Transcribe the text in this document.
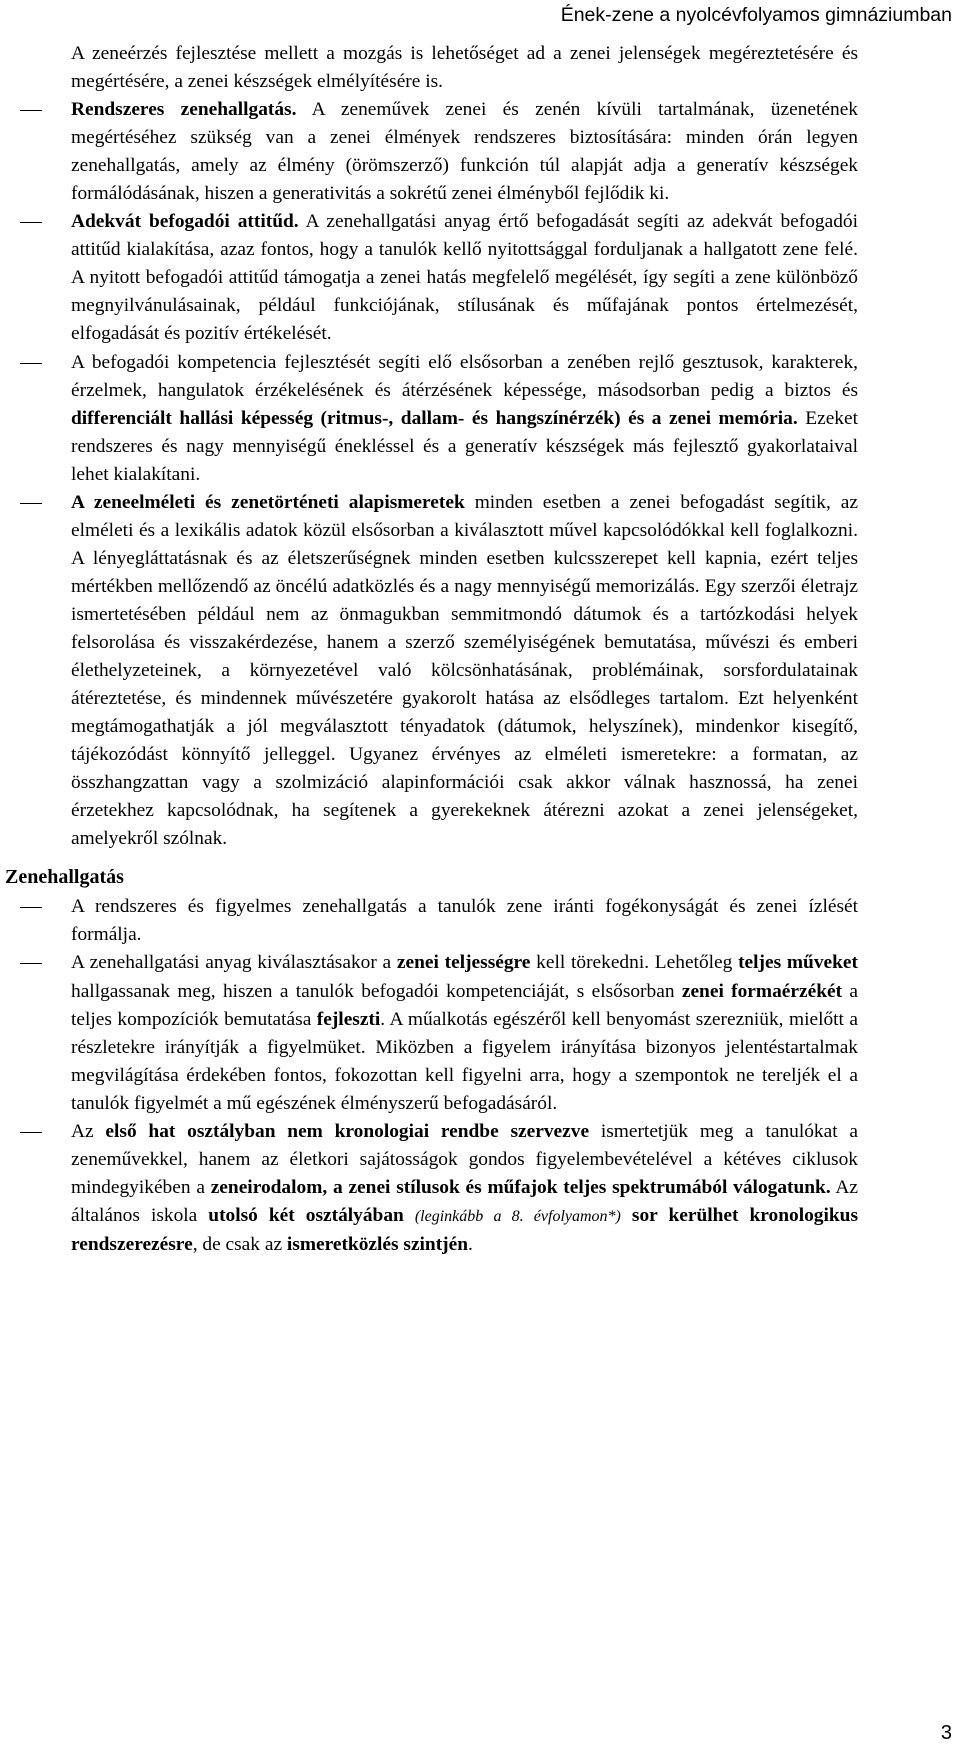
Ének-zene a nyolcévfolyamos gimnáziumban

A zeneérzés fejlesztése mellett a mozgás is lehetőséget ad a zenei jelenségek megéreztetésére és megértésére, a zenei készségek elmélyítésére is.

Rendszeres zenehallgatás. A zeneművek zenei és zenén kívüli tartalmának, üzenetének megértéséhez szükség van a zenei élmények rendszeres biztosítására: minden órán legyen zenehallgatás, amely az élmény (örömszerző) funkción túl alapját adja a generatív készségek formálódásának, hiszen a generativitás a sokrétű zenei élményből fejlődik ki.

Adekvát befogadói attitűd. A zenehallgatási anyag értő befogadását segíti az adekvát befogadói attitűd kialakítása, azaz fontos, hogy a tanulók kellő nyitottsággal forduljanak a hallgatott zene felé. A nyitott befogadói attitűd támogatja a zenei hatás megfelelő megélését, így segíti a zene különböző megnyilvánulásainak, például funkciójának, stílusának és műfajának pontos értelmezését, elfogadását és pozitív értékelését.

A befogadói kompetencia fejlesztését segíti elő elsősorban a zenében rejlő gesztusok, karakterek, érzelmek, hangulatok érzékelésének és átérzésének képessége, másodsorban pedig a biztos és differenciált hallási képesség (ritmus-, dallam- és hangszínérzék) és a zenei memória. Ezeket rendszeres és nagy mennyiségű énekléssel és a generatív készségek más fejlesztő gyakorlataival lehet kialakítani.

A zeneelméleti és zenetörténeti alapismeretek minden esetben a zenei befogadást segítik, az elméleti és a lexikális adatok közül elsősorban a kiválasztott művel kapcsolódókkal kell foglalkozni. A lényegláttatásnak és az életszerűségnek minden esetben kulcsszerepet kell kapnia, ezért teljes mértékben mellőzendő az öncélú adatközlés és a nagy mennyiségű memorizálás. Egy szerzői életrajz ismertetésében például nem az önmagukban semmitmondó dátumok és a tartózkodási helyek felsorolása és visszakérdezése, hanem a szerző személyiségének bemutatása, művészi és emberi élethelyzeteinek, a környezetével való kölcsönhatásának, problémáinak, sorsfordulatainak átéreztetése, és mindennek művészetére gyakorolt hatása az elsődleges tartalom. Ezt helyenként megtámogathatják a jól megválasztott tényadatok (dátumok, helyszínek), mindenkor kisegítő, tájékozódást könnyítő jelleggel. Ugyanez érvényes az elméleti ismeretekre: a formatan, az összhangzattan vagy a szolmizáció alapinformációi csak akkor válnak hasznossá, ha zenei érzetekhez kapcsolódnak, ha segítenek a gyerekeknek átérezni azokat a zenei jelenségeket, amelyekről szólnak.

Zenehallgatás

A rendszeres és figyelmes zenehallgatás a tanulók zene iránti fogékonyságát és zenei ízlését formálja.

A zenehallgatási anyag kiválasztásakor a zenei teljességre kell törekedni. Lehetőleg teljes műveket hallgassanak meg, hiszen a tanulók befogadói kompetenciáját, s elsősorban zenei formaérzékét a teljes kompozíciók bemutatása fejleszti. A műalkotás egészéről kell benyomást szerezniük, mielőtt a részletekre irányítják a figyelmüket. Miközben a figyelem irányítása bizonyos jelentéstartalmak megvilágítása érdekében fontos, fokozottan kell figyelni arra, hogy a szempontok ne tereljék el a tanulók figyelmét a mű egészének élményszerű befogadásáról.

Az első hat osztályban nem kronologiai rendbe szervezve ismertetjük meg a tanulókat a zeneművekkel, hanem az életkori sajátosságok gondos figyelembevételével a kétéves ciklusok mindegyikében a zeneirodalom, a zenei stílusok és műfajok teljes spektrumából válogatunk. Az általános iskola utolsó két osztályában (leginkább a 8. évfolyamon*) sor kerülhet kronologikus rendszerezésre, de csak az ismeretközlés szintjén.

3
